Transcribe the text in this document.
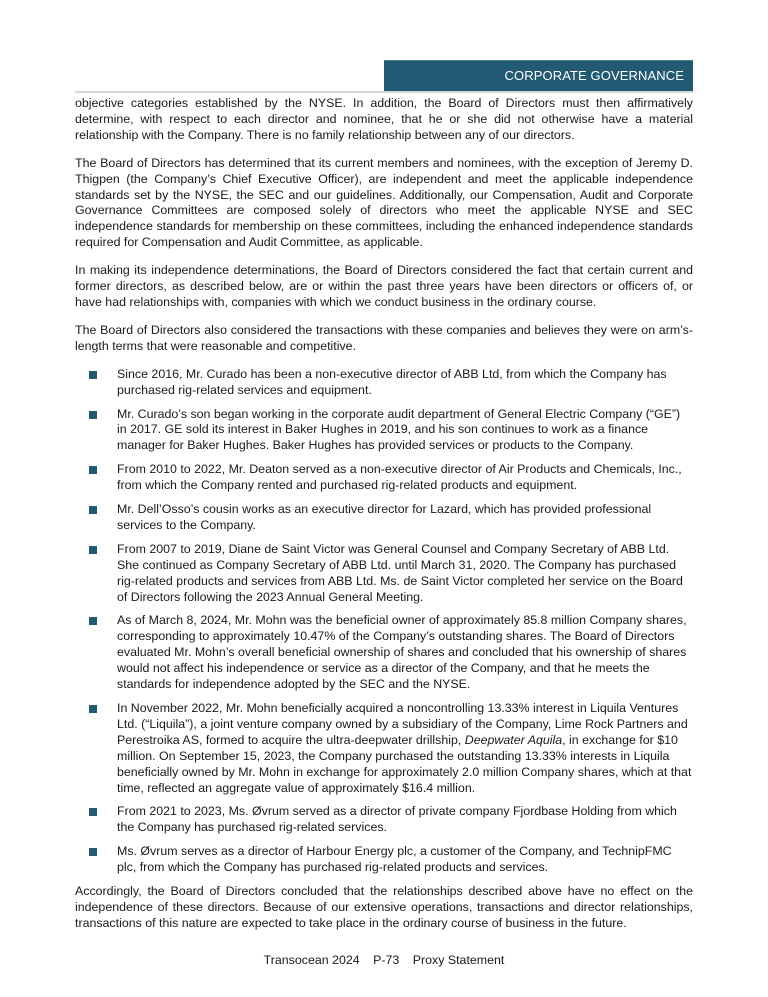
CORPORATE GOVERNANCE

objective categories established by the NYSE. In addition, the Board of Directors must then affirmatively determine, with respect to each director and nominee, that he or she did not otherwise have a material relationship with the Company. There is no family relationship between any of our directors.

The Board of Directors has determined that its current members and nominees, with the exception of Jeremy D. Thigpen (the Company’s Chief Executive Officer), are independent and meet the applicable independence standards set by the NYSE, the SEC and our guidelines. Additionally, our Compensation, Audit and Corporate Governance Committees are composed solely of directors who meet the applicable NYSE and SEC independence standards for membership on these committees, including the enhanced independence standards required for Compensation and Audit Committee, as applicable.

In making its independence determinations, the Board of Directors considered the fact that certain current and former directors, as described below, are or within the past three years have been directors or officers of, or have had relationships with, companies with which we conduct business in the ordinary course.

The Board of Directors also considered the transactions with these companies and believes they were on arm’s-length terms that were reasonable and competitive.

Since 2016, Mr. Curado has been a non-executive director of ABB Ltd, from which the Company has purchased rig-related services and equipment.
Mr. Curado’s son began working in the corporate audit department of General Electric Company (“GE”) in 2017. GE sold its interest in Baker Hughes in 2019, and his son continues to work as a finance manager for Baker Hughes. Baker Hughes has provided services or products to the Company.
From 2010 to 2022, Mr. Deaton served as a non-executive director of Air Products and Chemicals, Inc., from which the Company rented and purchased rig-related products and equipment.
Mr. Dell’Osso’s cousin works as an executive director for Lazard, which has provided professional services to the Company.
From 2007 to 2019, Diane de Saint Victor was General Counsel and Company Secretary of ABB Ltd. She continued as Company Secretary of ABB Ltd. until March 31, 2020. The Company has purchased rig-related products and services from ABB Ltd. Ms. de Saint Victor completed her service on the Board of Directors following the 2023 Annual General Meeting.
As of March 8, 2024, Mr. Mohn was the beneficial owner of approximately 85.8 million Company shares, corresponding to approximately 10.47% of the Company’s outstanding shares. The Board of Directors evaluated Mr. Mohn’s overall beneficial ownership of shares and concluded that his ownership of shares would not affect his independence or service as a director of the Company, and that he meets the standards for independence adopted by the SEC and the NYSE.
In November 2022, Mr. Mohn beneficially acquired a noncontrolling 13.33% interest in Liquila Ventures Ltd. (“Liquila”), a joint venture company owned by a subsidiary of the Company, Lime Rock Partners and Perestroika AS, formed to acquire the ultra-deepwater drillship, Deepwater Aquila, in exchange for $10 million. On September 15, 2023, the Company purchased the outstanding 13.33% interests in Liquila beneficially owned by Mr. Mohn in exchange for approximately 2.0 million Company shares, which at that time, reflected an aggregate value of approximately $16.4 million.
From 2021 to 2023, Ms. Øvrum served as a director of private company Fjordbase Holding from which the Company has purchased rig-related services.
Ms. Øvrum serves as a director of Harbour Energy plc, a customer of the Company, and TechnipFMC plc, from which the Company has purchased rig-related products and services.

Accordingly, the Board of Directors concluded that the relationships described above have no effect on the independence of these directors. Because of our extensive operations, transactions and director relationships, transactions of this nature are expected to take place in the ordinary course of business in the future.

Transocean 2024 P-73 Proxy Statement
